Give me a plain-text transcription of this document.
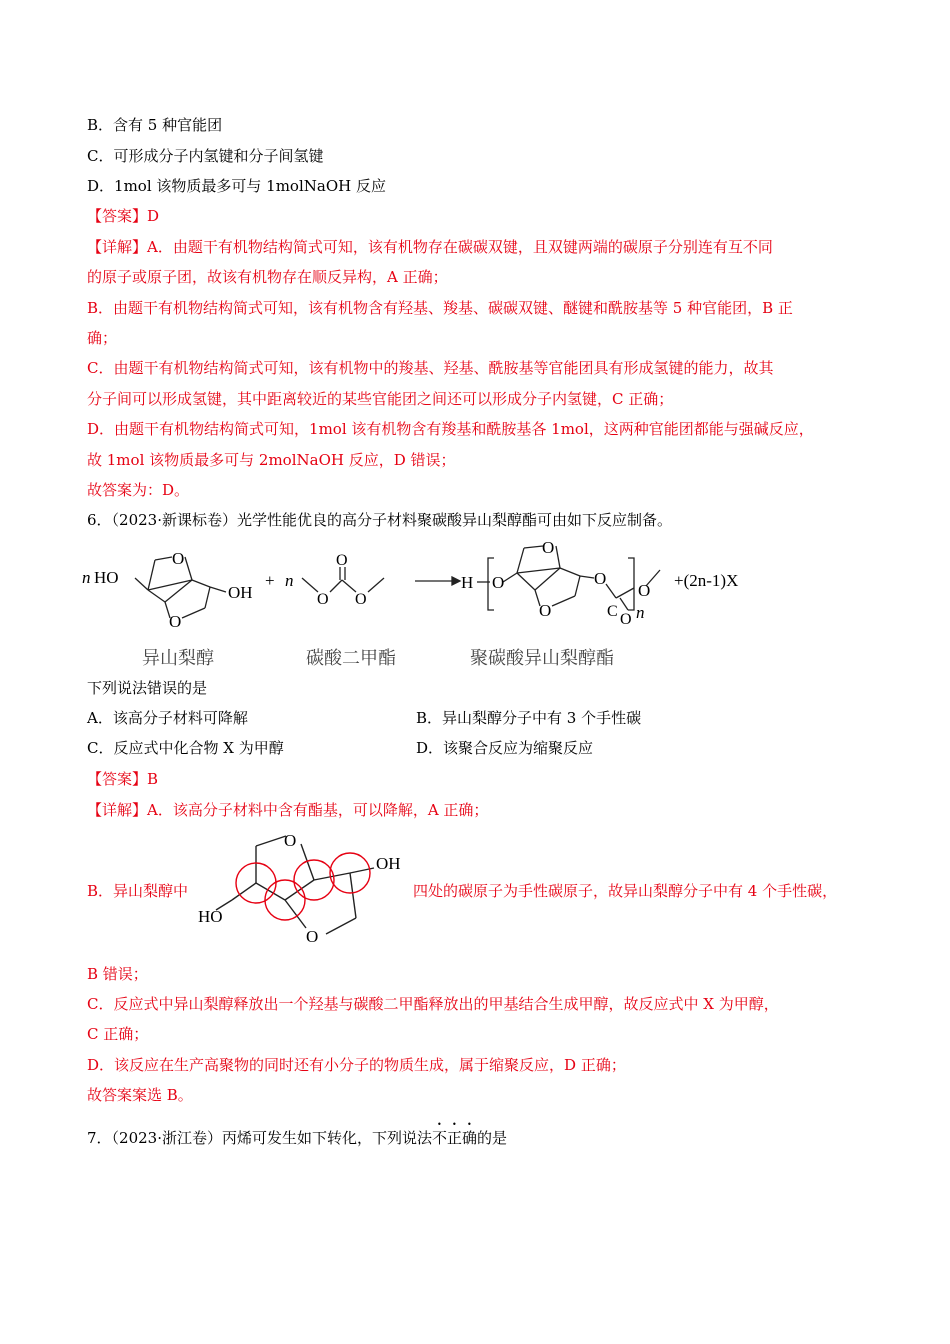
B．含有 5 种官能团
C．可形成分子内氢键和分子间氢键
D．1mol 该物质最多可与 1molNaOH 反应
【答案】D
【详解】A．由题干有机物结构简式可知，该有机物存在碳碳双键，且双键两端的碳原子分别连有互不同
的原子或原子团，故该有机物存在顺反异构，A 正确；
B．由题干有机物结构简式可知，该有机物含有羟基、羧基、碳碳双键、醚键和酰胺基等 5 种官能团，B 正
确；
C．由题干有机物结构简式可知，该有机物中的羧基、羟基、酰胺基等官能团具有形成氢键的能力，故其
分子间可以形成氢键，其中距离较近的某些官能团之间还可以形成分子内氢键，C 正确；
D．由题干有机物结构简式可知，1mol 该有机物含有羧基和酰胺基各 1mol，这两种官能团都能与强碱反应，
故 1mol 该物质最多可与 2molNaOH 反应，D 错误；
故答案为：D。
6．（2023·新课标卷）光学性能优良的高分子材料聚碳酸异山梨醇酯可由如下反应制备。
n HO
O
O
OH
+ n
O
O
O
H O
O
O
O
C O n
O
+(2n-1)X
异山梨醇	碳酸二甲酯	聚碳酸异山梨醇酯
下列说法错误的是
A．该高分子材料可降解	B．异山梨醇分子中有 3 个手性碳
C．反应式中化合物 X 为甲醇	D．该聚合反应为缩聚反应
【答案】B
【详解】A．该高分子材料中含有酯基，可以降解，A 正确；
B．异山梨醇中
O
OH
HO
O
四处的碳原子为手性碳原子，故异山梨醇分子中有 4 个手性碳，
B 错误；
C．反应式中异山梨醇释放出一个羟基与碳酸二甲酯释放出的甲基结合生成甲醇，故反应式中 X 为甲醇，
C 正确；
D．该反应在生产高聚物的同时还有小分子的物质生成，属于缩聚反应，D 正确；
故答案案选 B。
7．（2023·浙江卷）丙烯可发生如下转化，下列说法不正确的是
